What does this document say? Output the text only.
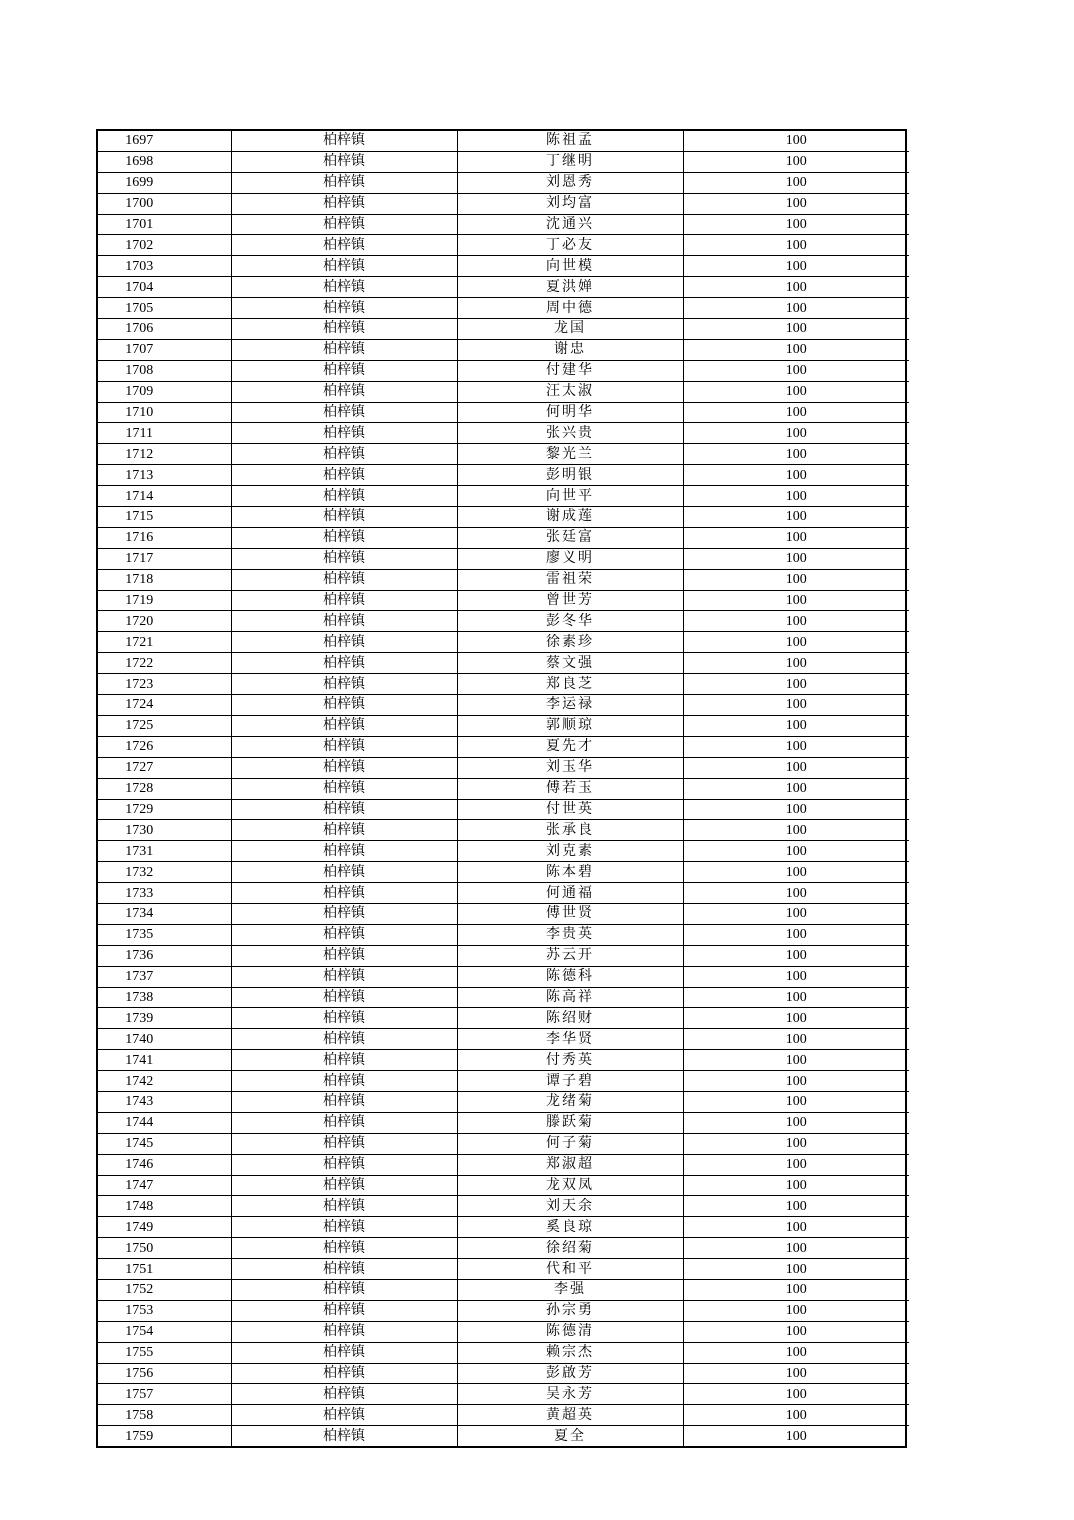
1697	柏梓镇	陈祖孟	100
1698	柏梓镇	丁继明	100
1699	柏梓镇	刘恩秀	100
1700	柏梓镇	刘均富	100
1701	柏梓镇	沈通兴	100
1702	柏梓镇	丁必友	100
1703	柏梓镇	向世模	100
1704	柏梓镇	夏洪婵	100
1705	柏梓镇	周中德	100
1706	柏梓镇	龙国	100
1707	柏梓镇	谢忠	100
1708	柏梓镇	付建华	100
1709	柏梓镇	汪太淑	100
1710	柏梓镇	何明华	100
1711	柏梓镇	张兴贵	100
1712	柏梓镇	黎光兰	100
1713	柏梓镇	彭明银	100
1714	柏梓镇	向世平	100
1715	柏梓镇	谢成莲	100
1716	柏梓镇	张廷富	100
1717	柏梓镇	廖义明	100
1718	柏梓镇	雷祖荣	100
1719	柏梓镇	曾世芳	100
1720	柏梓镇	彭冬华	100
1721	柏梓镇	徐素珍	100
1722	柏梓镇	蔡文强	100
1723	柏梓镇	郑良芝	100
1724	柏梓镇	李运禄	100
1725	柏梓镇	郭顺琼	100
1726	柏梓镇	夏先才	100
1727	柏梓镇	刘玉华	100
1728	柏梓镇	傅若玉	100
1729	柏梓镇	付世英	100
1730	柏梓镇	张承良	100
1731	柏梓镇	刘克素	100
1732	柏梓镇	陈本碧	100
1733	柏梓镇	何通福	100
1734	柏梓镇	傅世贤	100
1735	柏梓镇	李贵英	100
1736	柏梓镇	苏云开	100
1737	柏梓镇	陈德科	100
1738	柏梓镇	陈高祥	100
1739	柏梓镇	陈绍财	100
1740	柏梓镇	李华贤	100
1741	柏梓镇	付秀英	100
1742	柏梓镇	谭子碧	100
1743	柏梓镇	龙绪菊	100
1744	柏梓镇	滕跃菊	100
1745	柏梓镇	何子菊	100
1746	柏梓镇	郑淑超	100
1747	柏梓镇	龙双凤	100
1748	柏梓镇	刘天余	100
1749	柏梓镇	奚良琼	100
1750	柏梓镇	徐绍菊	100
1751	柏梓镇	代和平	100
1752	柏梓镇	李强	100
1753	柏梓镇	孙宗勇	100
1754	柏梓镇	陈德清	100
1755	柏梓镇	赖宗杰	100
1756	柏梓镇	彭啟芳	100
1757	柏梓镇	吴永芳	100
1758	柏梓镇	黄超英	100
1759	柏梓镇	夏全	100
